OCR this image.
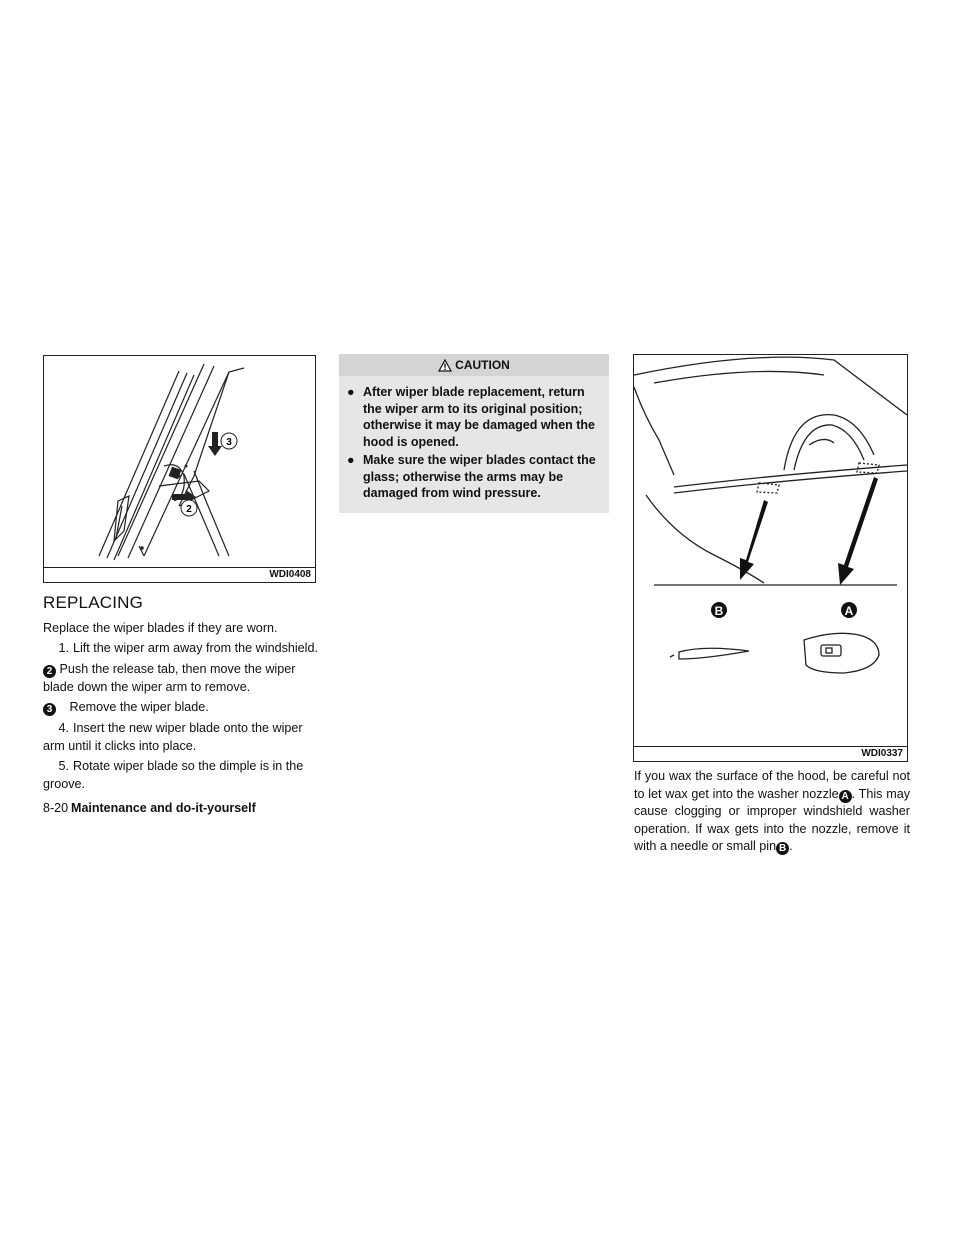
3
2
WDI0408
REPLACING

Replace the wiper blades if they are worn.

1. Lift the wiper arm away from the windshield.
2 Push the release tab, then move the wiper blade down the wiper arm to remove.
3 Remove the wiper blade.
4. Insert the new wiper blade onto the wiper arm until it clicks into place.
5. Rotate wiper blade so the dimple is in the groove.
CAUTION
● After wiper blade replacement, return the wiper arm to its original position; otherwise it may be damaged when the hood is opened.
● Make sure the wiper blades contact the glass; otherwise the arms may be damaged from wind pressure.
B	A
WDI0337

If you wax the surface of the hood, be careful not to let wax get into the washer nozzle A . This may cause clogging or improper windshield washer operation. If wax gets into the nozzle, remove it with a needle or small pin B .

8-20 Maintenance and do-it-yourself
